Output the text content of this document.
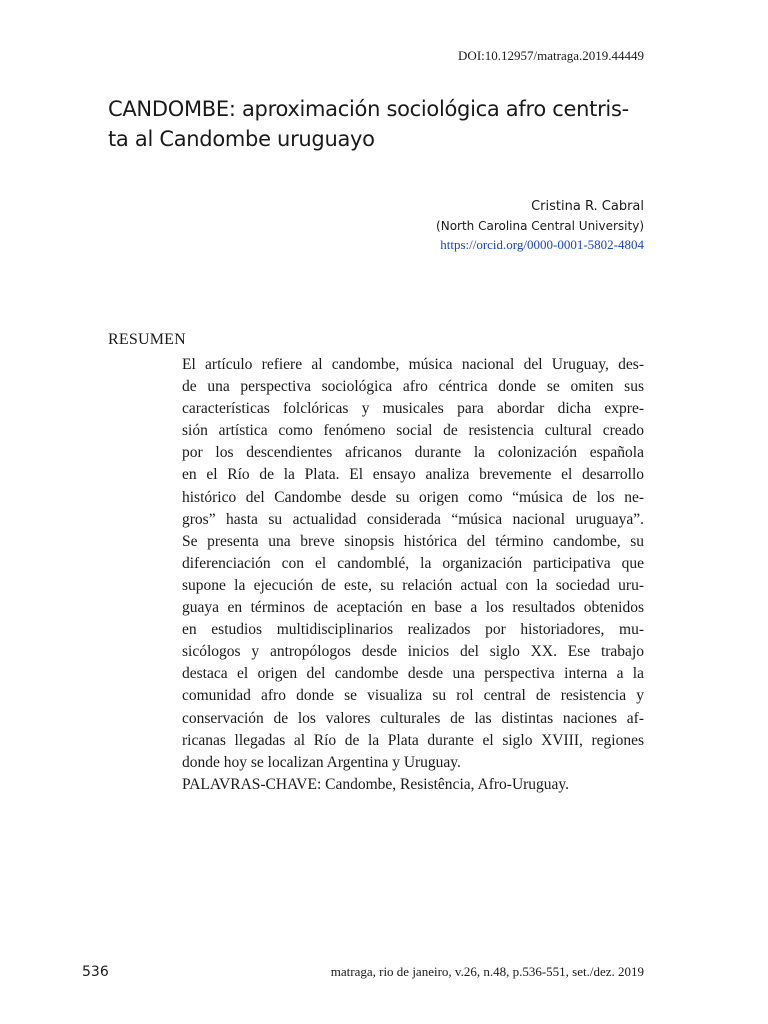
DOI:10.12957/matraga.2019.44449
CANDOMBE: aproximación sociológica afro centris-
ta al Candombe uruguayo
Cristina R. Cabral
(North Carolina Central University)
https://orcid.org/0000-0001-5802-4804
RESUMEN
El artículo refiere al candombe, música nacional del Uruguay, des-
de una perspectiva sociológica afro céntrica donde se omiten sus
características folclóricas y musicales para abordar dicha expre-
sión artística como fenómeno social de resistencia cultural creado
por los descendientes africanos durante la colonización española
en el Río de la Plata. El ensayo analiza brevemente el desarrollo
histórico del Candombe desde su origen como “música de los ne-
gros” hasta su actualidad considerada “música nacional uruguaya”.
Se presenta una breve sinopsis histórica del término candombe, su
diferenciación con el candomblé, la organización participativa que
supone la ejecución de este, su relación actual con la sociedad uru-
guaya en términos de aceptación en base a los resultados obtenidos
en estudios multidisciplinarios realizados por historiadores, mu-
sicólogos y antropólogos desde inicios del siglo XX. Ese trabajo
destaca el origen del candombe desde una perspectiva interna a la
comunidad afro donde se visualiza su rol central de resistencia y
conservación de los valores culturales de las distintas naciones af-
ricanas llegadas al Río de la Plata durante el siglo XVIII, regiones
donde hoy se localizan Argentina y Uruguay.
PALAVRAS-CHAVE: Candombe, Resistência, Afro-Uruguay.
536	matraga, rio de janeiro, v.26, n.48, p.536-551, set./dez. 2019
